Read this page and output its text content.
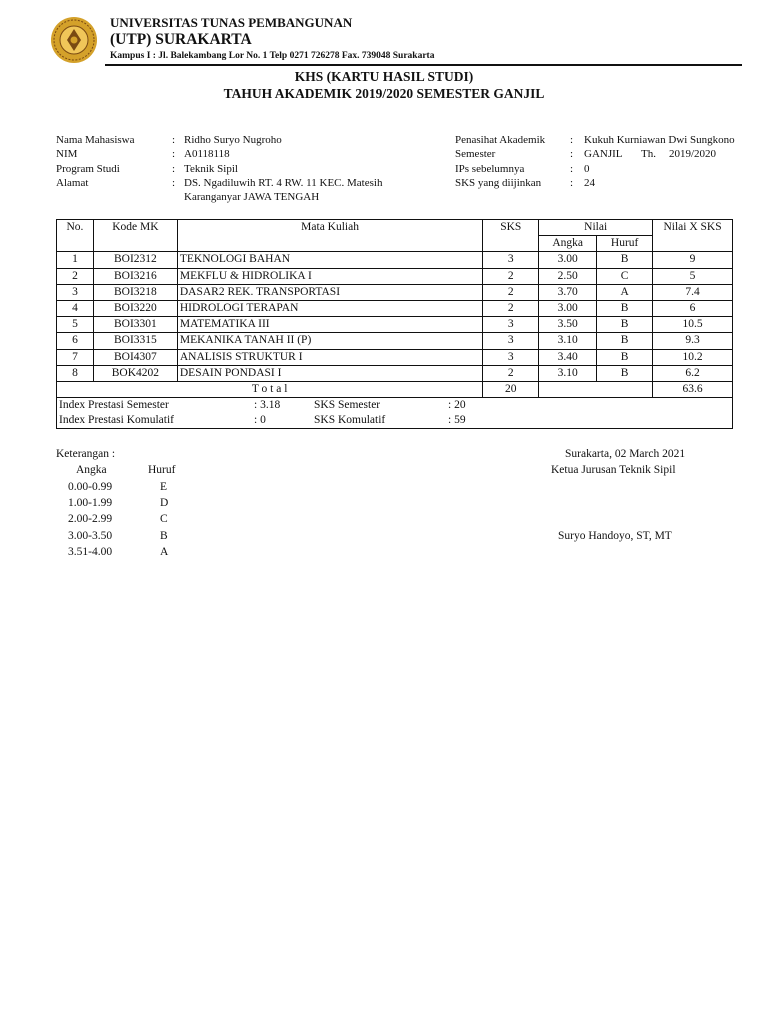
UNIVERSITAS TUNAS PEMBANGUNAN
(UTP) SURAKARTA
Kampus I : Jl. Balekambang Lor No. 1 Telp 0271 726278 Fax. 739048 Surakarta
KHS (KARTU HASIL STUDI)
TAHUH AKADEMIK 2019/2020 SEMESTER GANJIL
Nama Mahasiswa	: Ridho Suryo Nugroho
NIM	: A0118118
Program Studi	: Teknik Sipil
Alamat	: DS. Ngadiluwih RT. 4 RW. 11 KEC. Matesih
Karanganyar JAWA TENGAH
Penasihat Akademik : Kukuh Kurniawan Dwi Sungkono
Semester	: GANJIL Th. 2019/2020
IPs sebelumnya	: 0
SKS yang diijinkan	: 24
No.	Kode MK	Mata Kuliah	SKS	Nilai		Nilai X SKS
				Angka	Huruf	
1	BOI2312	TEKNOLOGI BAHAN	3	3.00	B	9
2	BOI3216	MEKFLU & HIDROLIKA I	2	2.50	C	5
3	BOI3218	DASAR2 REK. TRANSPORTASI	2	3.70	A	7.4
4	BOI3220	HIDROLOGI TERAPAN	2	3.00	B	6
5	BOI3301	MATEMATIKA III	3	3.50	B	10.5
6	BOI3315	MEKANIKA TANAH II (P)	3	3.10	B	9.3
7	BOI4307	ANALISIS STRUKTUR I	3	3.40	B	10.2
8	BOK4202	DESAIN PONDASI I	2	3.10	B	6.2
T o t a l			20			63.6
Index Prestasi Semester : 3.18 SKS Semester : 20						

Index Prestasi Komulatif : 0 SKS Komulatif : 59						
Keterangan :
Angka	Huruf
0.00-0.99	E
1.00-1.99	D
2.00-2.99	C
3.00-3.50	B
3.51-4.00	A
Surakarta, 02 March 2021
Ketua Jurusan Teknik Sipil
Suryo Handoyo, ST, MT
